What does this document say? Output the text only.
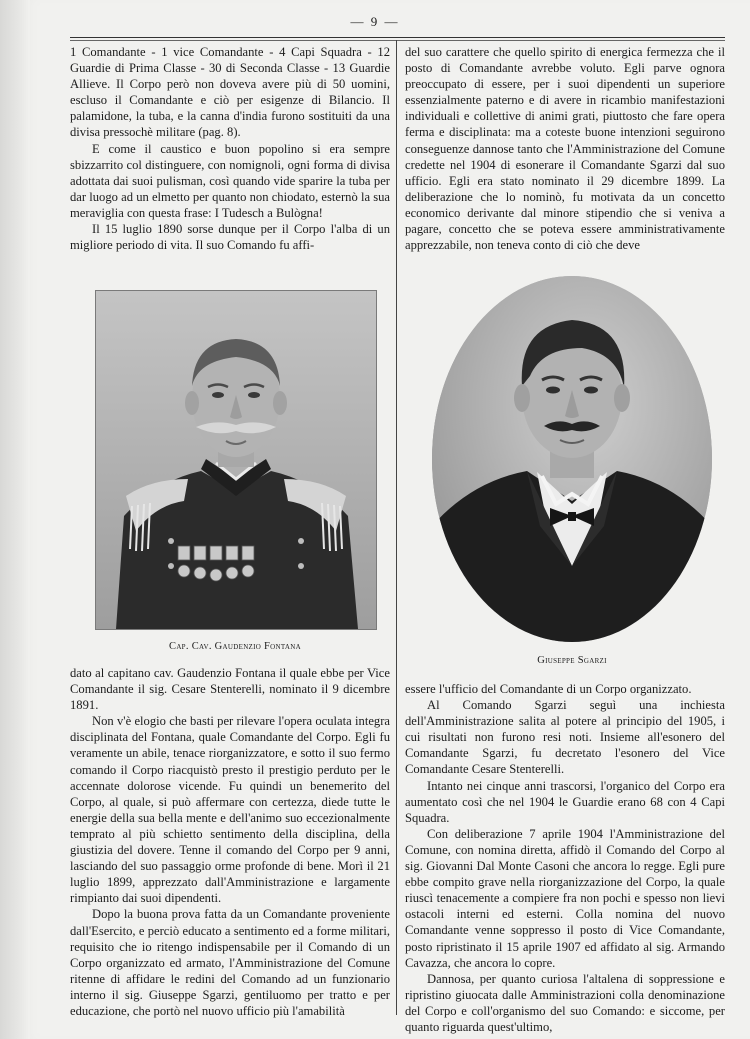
— 9 —

1 Comandante - 1 vice Comandante - 4 Capi Squadra - 12 Guardie di Prima Classe - 30 di Seconda Classe - 13 Guardie Allieve. Il Corpo però non doveva avere più di 50 uomini, escluso il Comandante e ciò per esigenze di Bilancio. Il palamidone, la tuba, e la canna d'india furono sostituiti da una divisa pressochè militare (pag. 8).

E come il caustico e buon popolino si era sempre sbizzarrito col distinguere, con nomignoli, ogni forma di divisa adottata dai suoi pulisman, così quando vide sparire la tuba per dar luogo ad un elmetto per quanto non chiodato, esternò la sua meraviglia con questa frase: I Tudesch a Bulògna!

Il 15 luglio 1890 sorse dunque per il Corpo l'alba di un migliore periodo di vita. Il suo Comando fu affi-

del suo carattere che quello spirito di energica fermezza che il posto di Comandante avrebbe voluto. Egli parve ognora preoccupato di essere, per i suoi dipendenti un superiore essenzialmente paterno e di avere in ricambio manifestazioni individuali e collettive di animi grati, piuttosto che fare opera ferma e disciplinata: ma a coteste buone intenzioni seguirono conseguenze dannose tanto che l'Amministrazione del Comune credette nel 1904 di esonerare il Comandante Sgarzi dal suo ufficio. Egli era stato nominato il 29 dicembre 1899. La deliberazione che lo nominò, fu motivata da un concetto economico derivante dal minore stipendio che si veniva a pagare, concetto che se poteva essere amministrativamente apprezzabile, non teneva conto di ciò che deve

Cap. Cav. Gaudenzio Fontana
Giuseppe Sgarzi

dato al capitano cav. Gaudenzio Fontana il quale ebbe per Vice Comandante il sig. Cesare Stenterelli, nominato il 9 dicembre 1891.

Non v'è elogio che basti per rilevare l'opera oculata integra disciplinata del Fontana, quale Comandante del Corpo. Egli fu veramente un abile, tenace riorganizzatore, e sotto il suo fermo comando il Corpo riacquistò presto il prestigio perduto per le accennate dolorose vicende. Fu quindi un benemerito del Corpo, al quale, si può affermare con certezza, diede tutte le energie della sua bella mente e dell'animo suo eccezionalmente temprato al più schietto sentimento della disciplina, della giustizia del dovere. Tenne il comando del Corpo per 9 anni, lasciando del suo passaggio orme profonde di bene. Morì il 21 luglio 1899, apprezzato dall'Amministrazione e largamente rimpianto dai suoi dipendenti.

Dopo la buona prova fatta da un Comandante proveniente dall'Esercito, e perciò educato a sentimento ed a forme militari, requisito che io ritengo indispensabile per il Comando di un Corpo organizzato ed armato, l'Amministrazione del Comune ritenne di affidare le redini del Comando ad un funzionario interno il sig. Giuseppe Sgarzi, gentiluomo per tratto e per educazione, che portò nel nuovo ufficio più l'amabilità

essere l'ufficio del Comandante di un Corpo organizzato.

Al Comando Sgarzi seguì una inchiesta dell'Amministrazione salita al potere al principio del 1905, i cui risultati non furono resi noti. Insieme all'esonero del Comandante Sgarzi, fu decretato l'esonero del Vice Comandante Cesare Stenterelli.

Intanto nei cinque anni trascorsi, l'organico del Corpo era aumentato così che nel 1904 le Guardie erano 68 con 4 Capi Squadra.

Con deliberazione 7 aprile 1904 l'Amministrazione del Comune, con nomina diretta, affidò il Comando del Corpo al sig. Giovanni Dal Monte Casoni che ancora lo regge. Egli pure ebbe compito grave nella riorganizzazione del Corpo, la quale riuscì tenacemente a compiere fra non pochi e spesso non lievi ostacoli interni ed esterni. Colla nomina del nuovo Comandante venne soppresso il posto di Vice Comandante, posto ripristinato il 15 aprile 1907 ed affidato al sig. Armando Cavazza, che ancora lo copre.

Dannosa, per quanto curiosa l'altalena di soppressione e ripristino giuocata dalle Amministrazioni colla denominazione del Corpo e coll'organismo del suo Comando: e siccome, per quanto riguarda quest'ultimo,
